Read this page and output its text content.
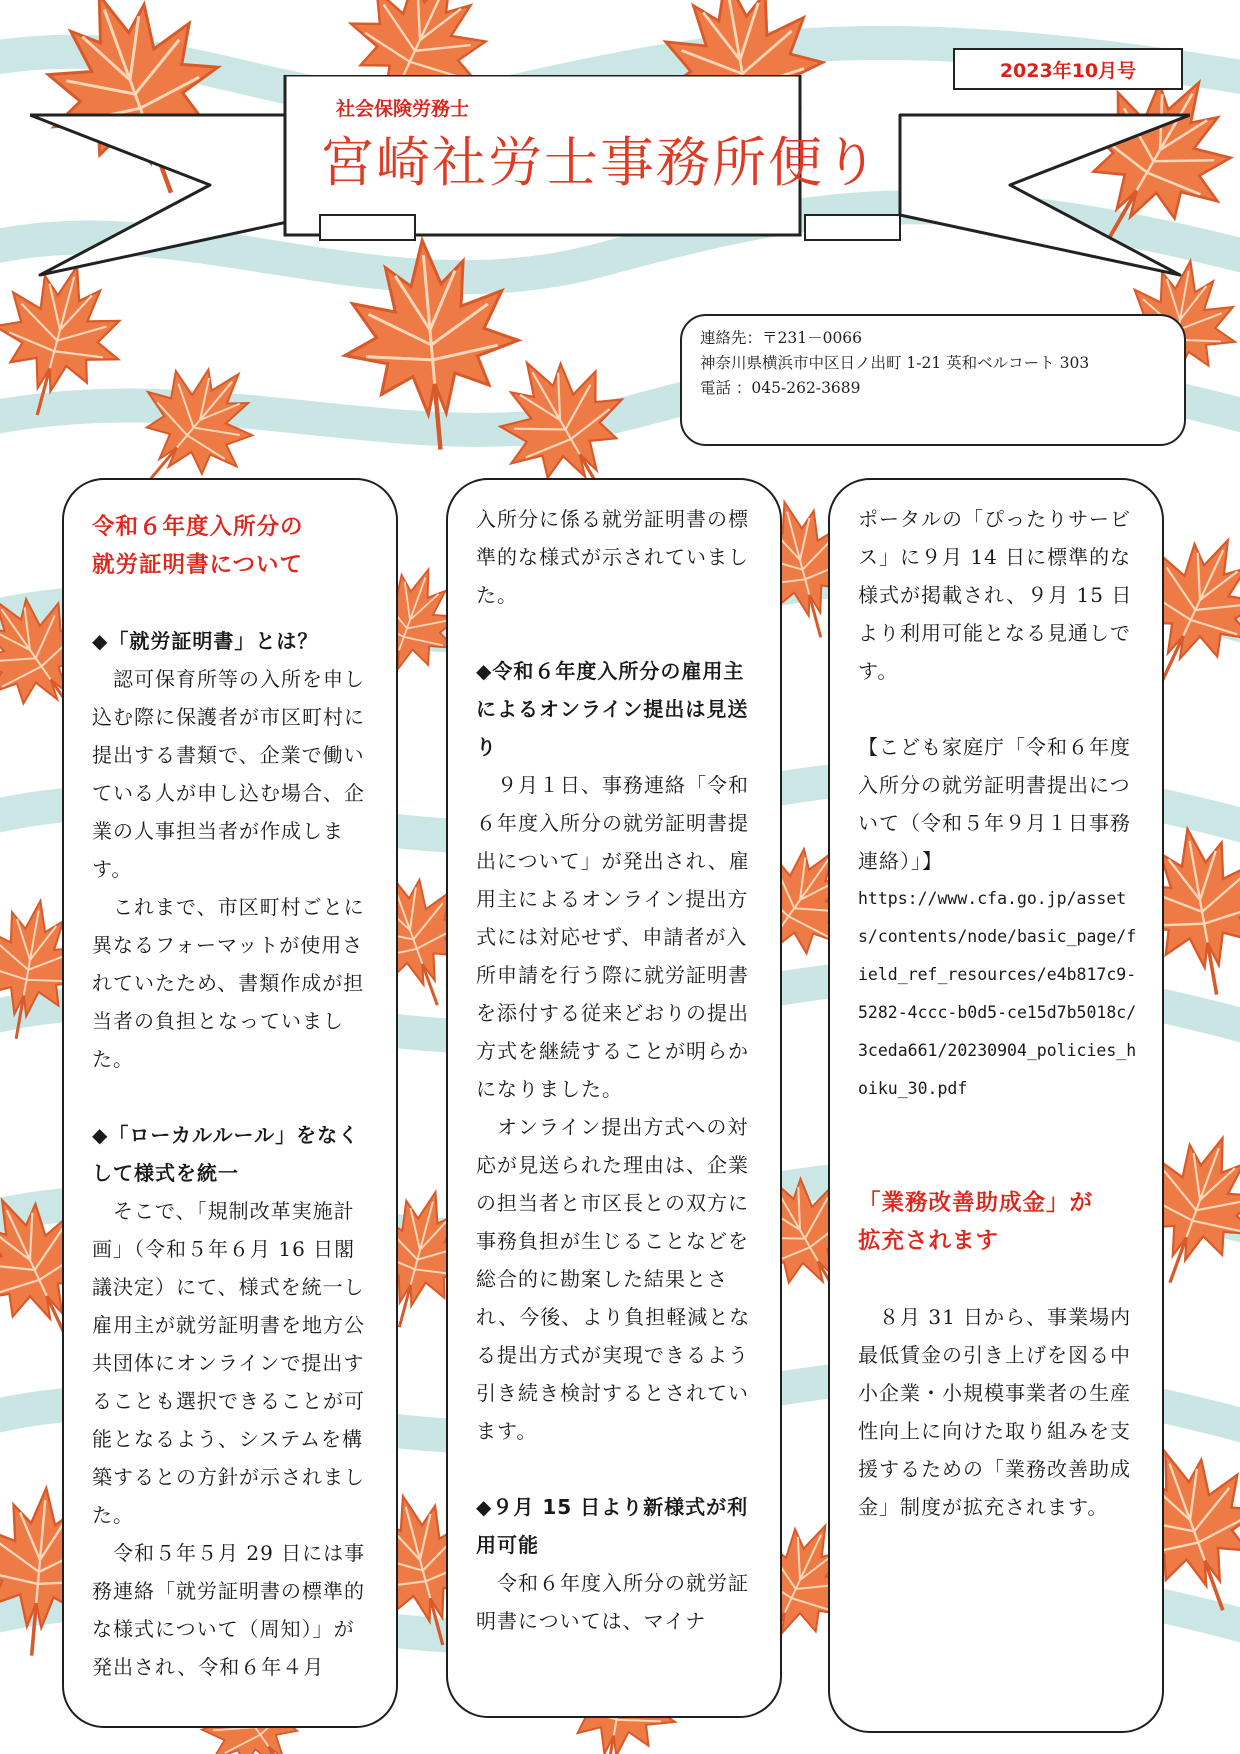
2023年10月号
社会保険労務士
宮崎社労士事務所便り
連絡先：〒231－0066
神奈川県横浜市中区日ノ出町 1-21 英和ベルコート 303
電話 ：045-262-3689
令和６年度入所分の
就労証明書について
◆「就労証明書」とは？

　認可保育所等の入所を申し込む際に保護者が市区町村に提出する書類で、企業で働いている人が申し込む場合、企業の人事担当者が作成します。

　これまで、市区町村ごとに異なるフォーマットが使用されていたため、書類作成が担当者の負担となっていました。

◆「ローカルルール」をなくして様式を統一

　そこで、「規制改革実施計画」（令和５年６月 16 日閣議決定）にて、様式を統一し雇用主が就労証明書を地方公共団体にオンラインで提出することも選択できることが可能となるよう、システムを構築するとの方針が示されました。

　令和５年５月 29 日には事務連絡「就労証明書の標準的な様式について（周知）」が発出され、令和６年４月

入所分に係る就労証明書の標準的な様式が示されていました。

◆令和６年度入所分の雇用主によるオンライン提出は見送り

　９月１日、事務連絡「令和６年度入所分の就労証明書提出について」が発出され、雇用主によるオンライン提出方式には対応せず、申請者が入所申請を行う際に就労証明書を添付する従来どおりの提出方式を継続することが明らかになりました。

　オンライン提出方式への対応が見送られた理由は、企業の担当者と市区長との双方に事務負担が生じることなどを総合的に勘案した結果とされ、今後、より負担軽減となる提出方式が実現できるよう引き続き検討するとされています。

◆９月 15 日より新様式が利用可能

　令和６年度入所分の就労証明書については、マイナ

ポータルの「ぴったりサービス」に９月 14 日に標準的な様式が掲載され、９月 15 日より利用可能となる見通しです。

【こども家庭庁「令和６年度入所分の就労証明書提出について（令和５年９月１日事務連絡）」】

https://www.cfa.go.jp/assets/contents/node/basic_page/field_ref_resources/e4b817c9-5282-4ccc-b0d5-ce15d7b5018c/3ceda661/20230904_policies_hoiku_30.pdf
「業務改善助成金」が
拡充されます

　８月 31 日から、事業場内最低賃金の引き上げを図る中小企業・小規模事業者の生産性向上に向けた取り組みを支援するための「業務改善助成金」制度が拡充されます。
